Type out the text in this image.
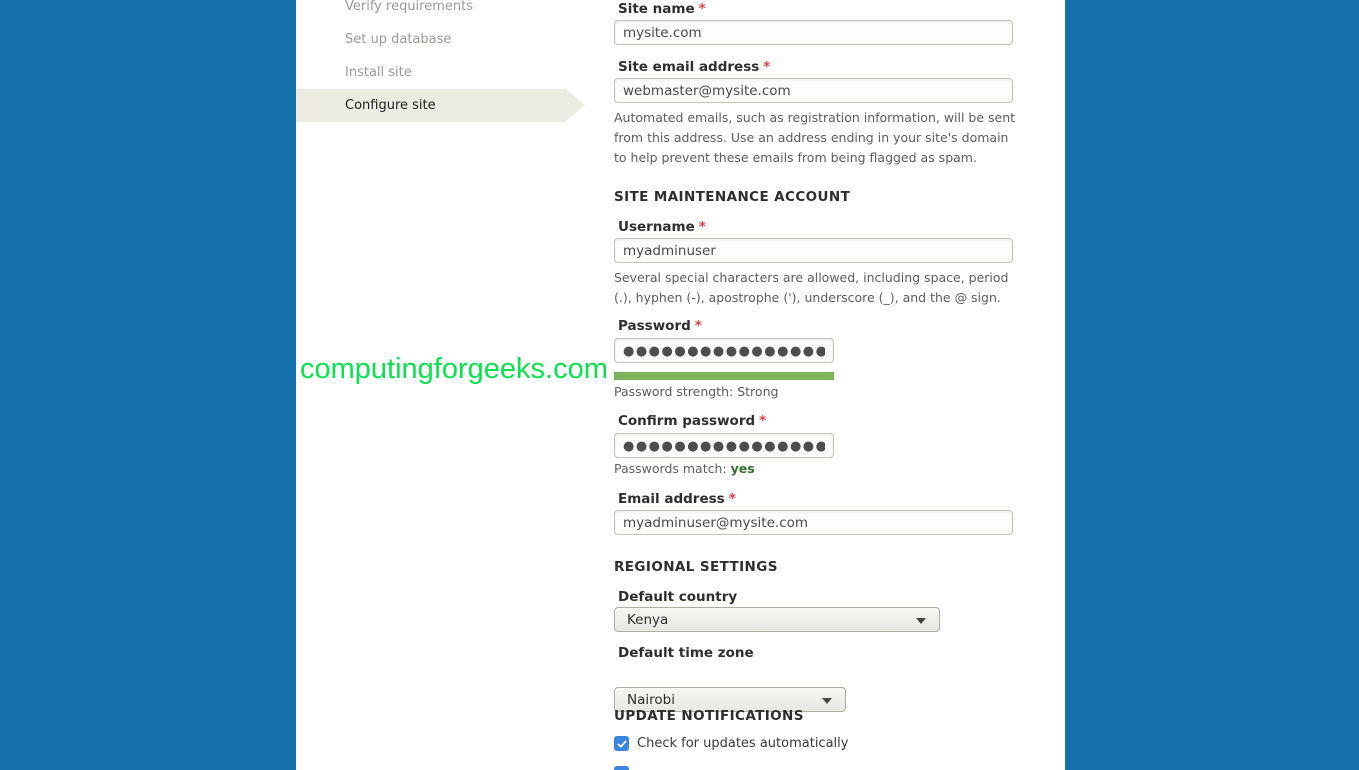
Verify requirements
Set up database
Install site
Configure site
computingforgeeks.com
Site name *
mysite.com
Site email address *
webmaster@mysite.com
Automated emails, such as registration information, will be sent
from this address. Use an address ending in your site's domain
to help prevent these emails from being flagged as spam.
SITE MAINTENANCE ACCOUNT
Username *
myadminuser
Several special characters are allowed, including space, period
(.), hyphen (-), apostrophe ('), underscore (_), and the @ sign.
Password *
●●●●●●●●●●●●●●●●●
Password strength: Strong
Confirm password *
●●●●●●●●●●●●●●●●●
Passwords match: yes
Email address *
myadminuser@mysite.com
REGIONAL SETTINGS
Default country
Kenya
Default time zone
Nairobi
UPDATE NOTIFICATIONS
Check for updates automatically
